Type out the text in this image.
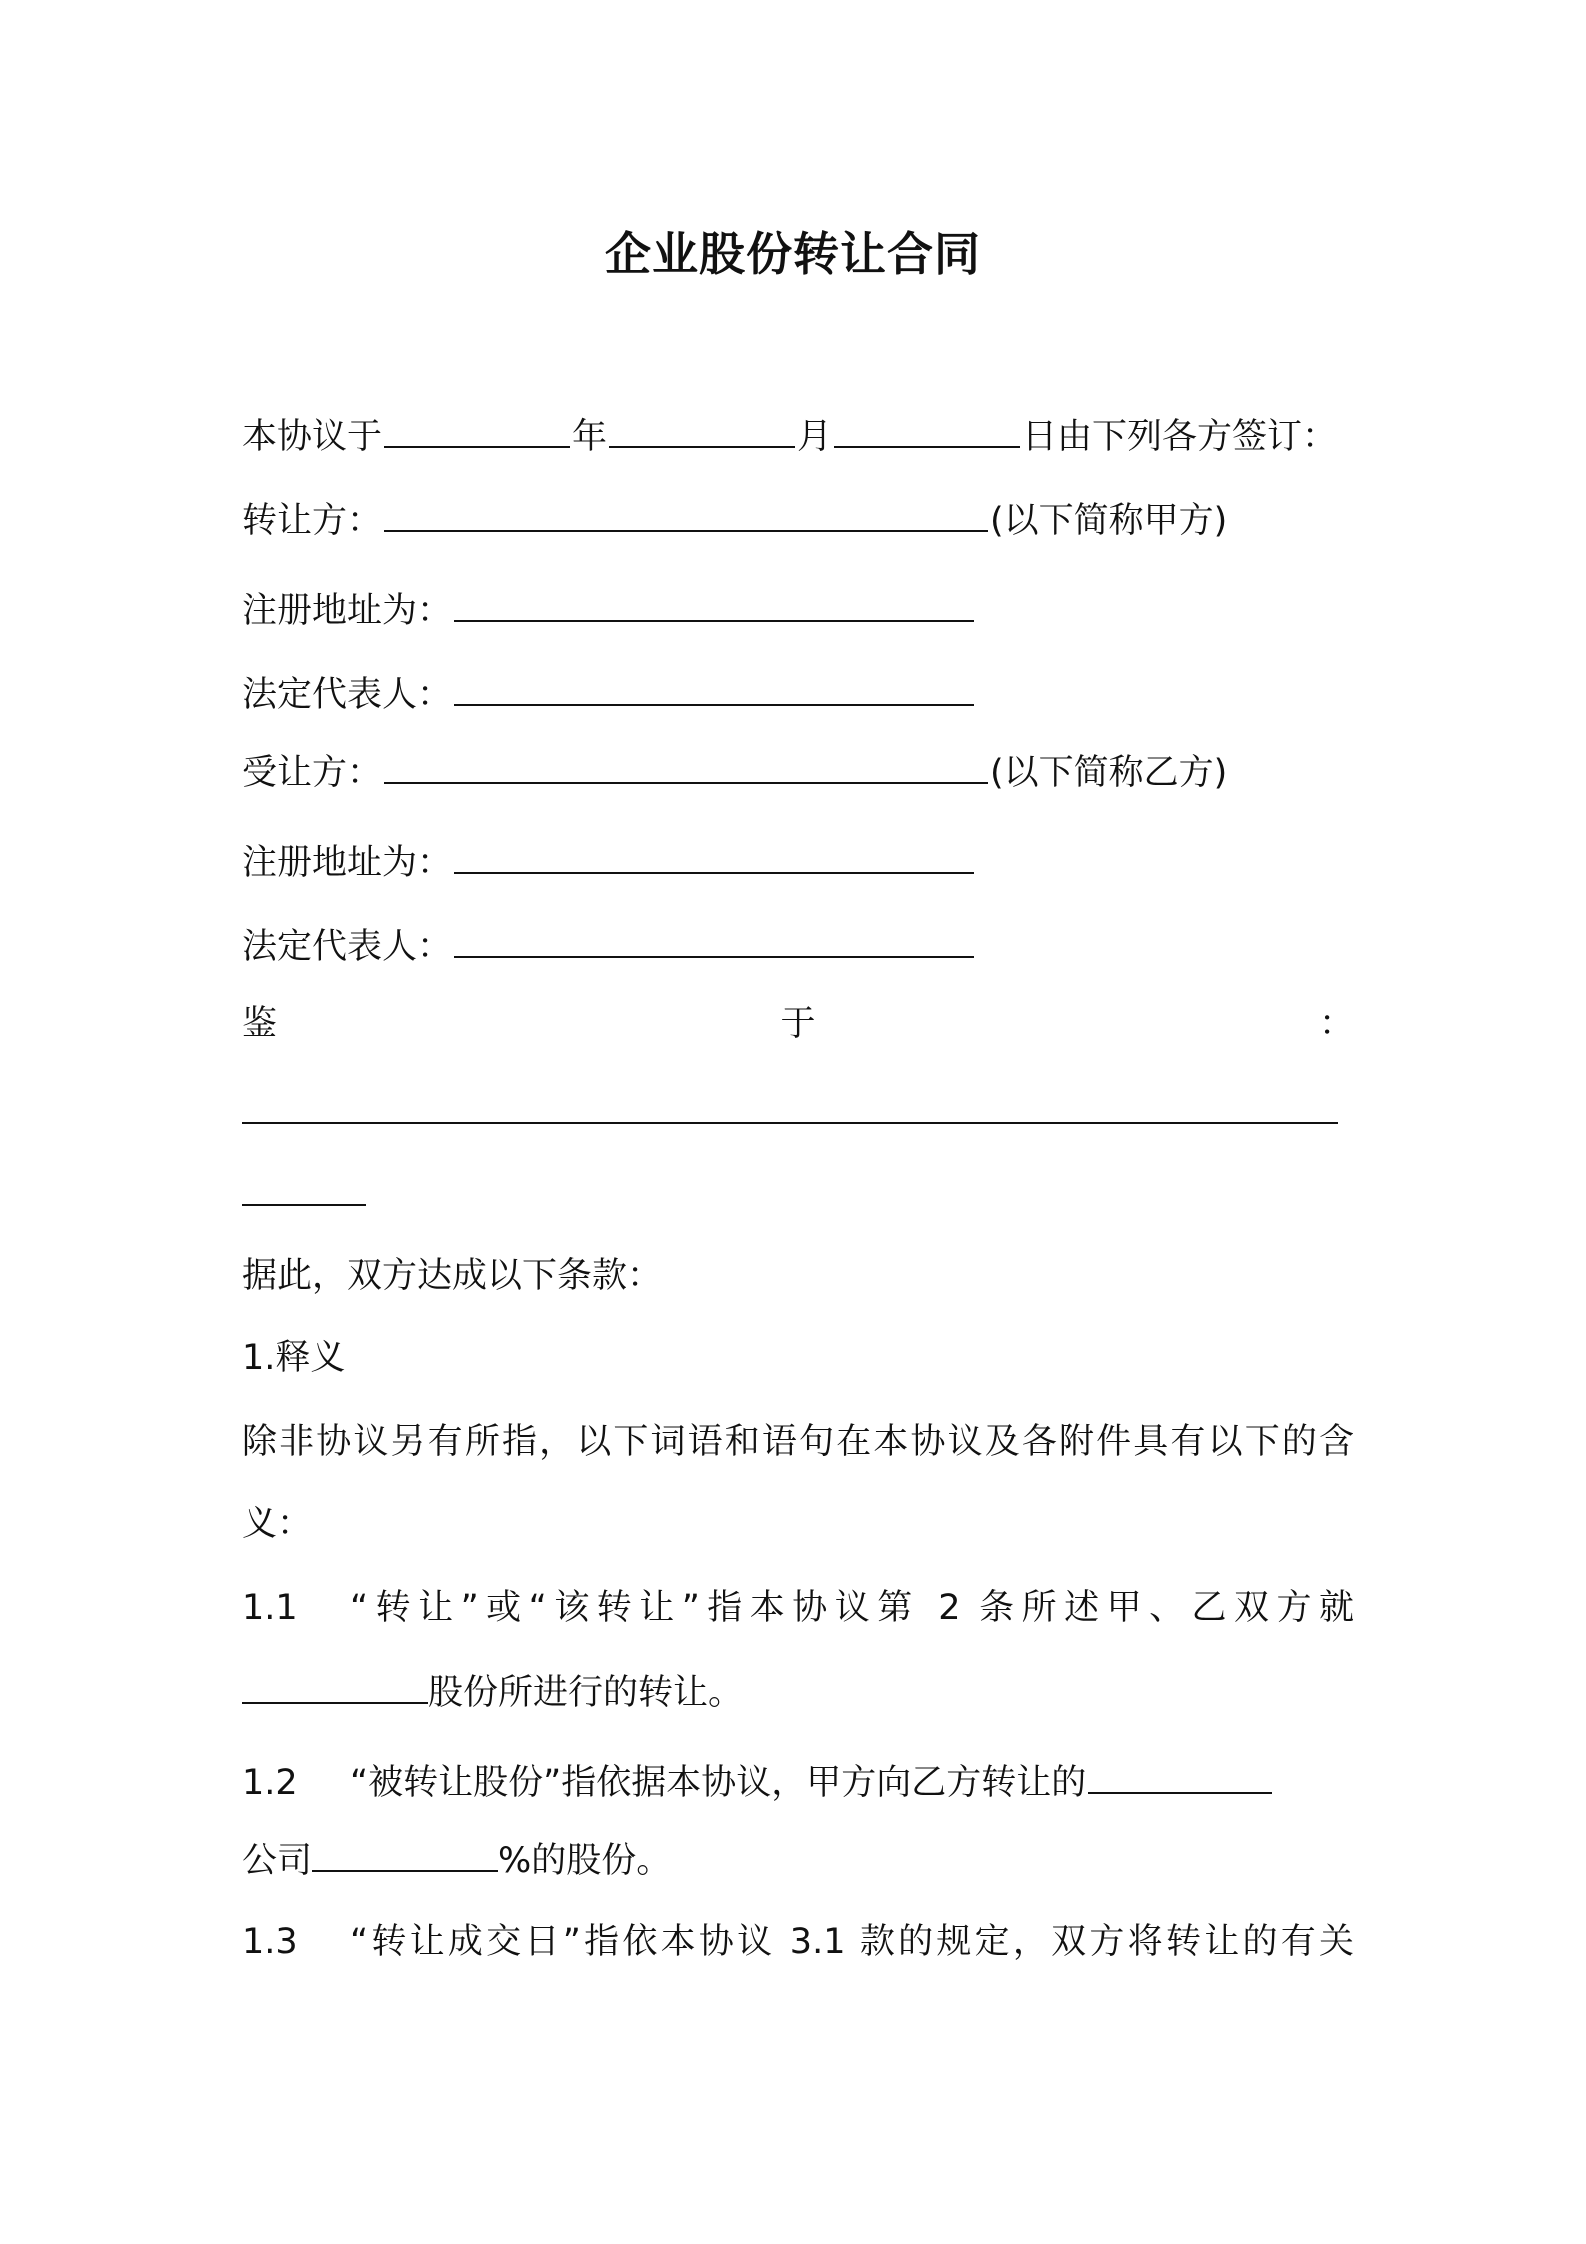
企业股份转让合同
本协议于	年	月	日由下列各方签订：
转让方：	(以下简称甲方)
注册地址为：
法定代表人：
受让方：	(以下简称乙方)
注册地址为：
法定代表人：
鉴	于	：
据此，双方达成以下条款：
1.释义
除非协议另有所指，以下词语和语句在本协议及各附件具有以下的含
义：
1.1 “转让”或“该转让”指本协议第 2 条所述甲、乙双方就
股份所进行的转让。
1.2 “被转让股份”指依据本协议，甲方向乙方转让的
公司	%的股份。
1.3 “转让成交日”指依本协议 3.1 款的规定，双方将转让的有关
